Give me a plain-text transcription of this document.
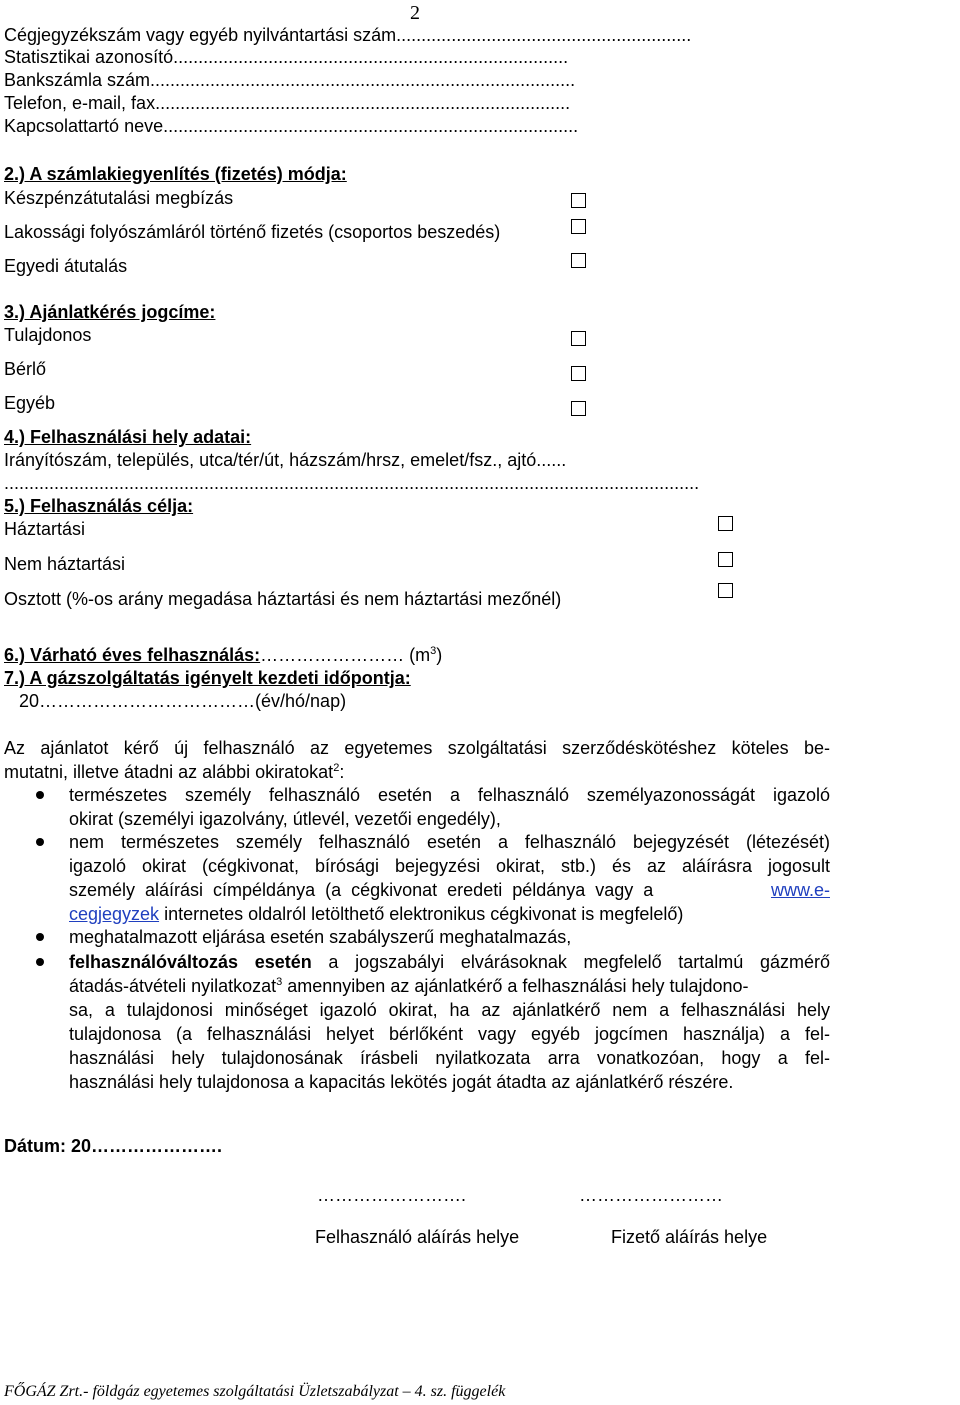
2
Cégjegyzékszám vagy egyéb nyilvántartási szám...........................................................
Statisztikai azonosító...............................................................................
Bankszámla szám.....................................................................................
Telefon, e-mail, fax...................................................................................
Kapcsolattartó neve...................................................................................
2.) A számlakiegyenlítés (fizetés) módja:
Készpénzátutalási megbízás
Lakossági folyószámláról történő fizetés (csoportos beszedés)
Egyedi átutalás
3.) Ajánlatkérés jogcíme:
Tulajdonos
Bérlő
Egyéb
4.) Felhasználási hely adatai:
Irányítószám, település, utca/tér/út, házszám/hrsz, emelet/fsz., ajtó......
...........................................................................................................................................
5.) Felhasználás célja:
Háztartási
Nem háztartási
Osztott (%-os arány megadása háztartási és nem háztartási mezőnél)
6.) Várható éves felhasználás:…………………… $(m^3)$
7.) A gázszolgáltatás igényelt kezdeti időpontja:
20………………………………(év/hó/nap)
Az ajánlatot kérő új felhasználó az egyetemes szolgáltatási szerződéskötéshez köteles be-
mutatni, illetve átadni az alábbi okiratokat$^2$:
természetes személy felhasználó esetén a felhasználó személyazonosságát igazoló
okirat (személyi igazolvány, útlevél, vezetői engedély),
nem természetes személy felhasználó esetén a felhasználó bejegyzését (létezését)
igazoló okirat (cégkivonat, bírósági bejegyzési okirat, stb.) és az aláírásra jogosult
személy aláírási címpéldánya (a cégkivonat eredeti példánya vagy a	www.e-
cegjegyzek internetes oldalról letölthető elektronikus cégkivonat is megfelelő)
meghatalmazott eljárása esetén szabályszerű meghatalmazás,
felhasználóváltozás esetén a jogszabályi elvárásoknak megfelelő tartalmú gázmérő
átadás-átvételi nyilatkozat$^3$ amennyiben az ajánlatkérő a felhasználási hely tulajdono-
sa, a tulajdonosi minőséget igazoló okirat, ha az ajánlatkérő nem a felhasználási hely
tulajdonosa (a felhasználási helyet bérlőként vagy egyéb jogcímen használja) a fel-
használási hely tulajdonosának írásbeli nyilatkozata arra vonatkozóan, hogy a fel-
használási hely tulajdonosa a kapacitás lekötés jogát átadta az ajánlatkérő részére.
Dátum: 20………………….
…………………….	……………………
Felhasználó aláírás helye	Fizető aláírás helye
FŐGÁZ Zrt.- földgáz egyetemes szolgáltatási Üzletszabályzat – 4. sz. függelék
